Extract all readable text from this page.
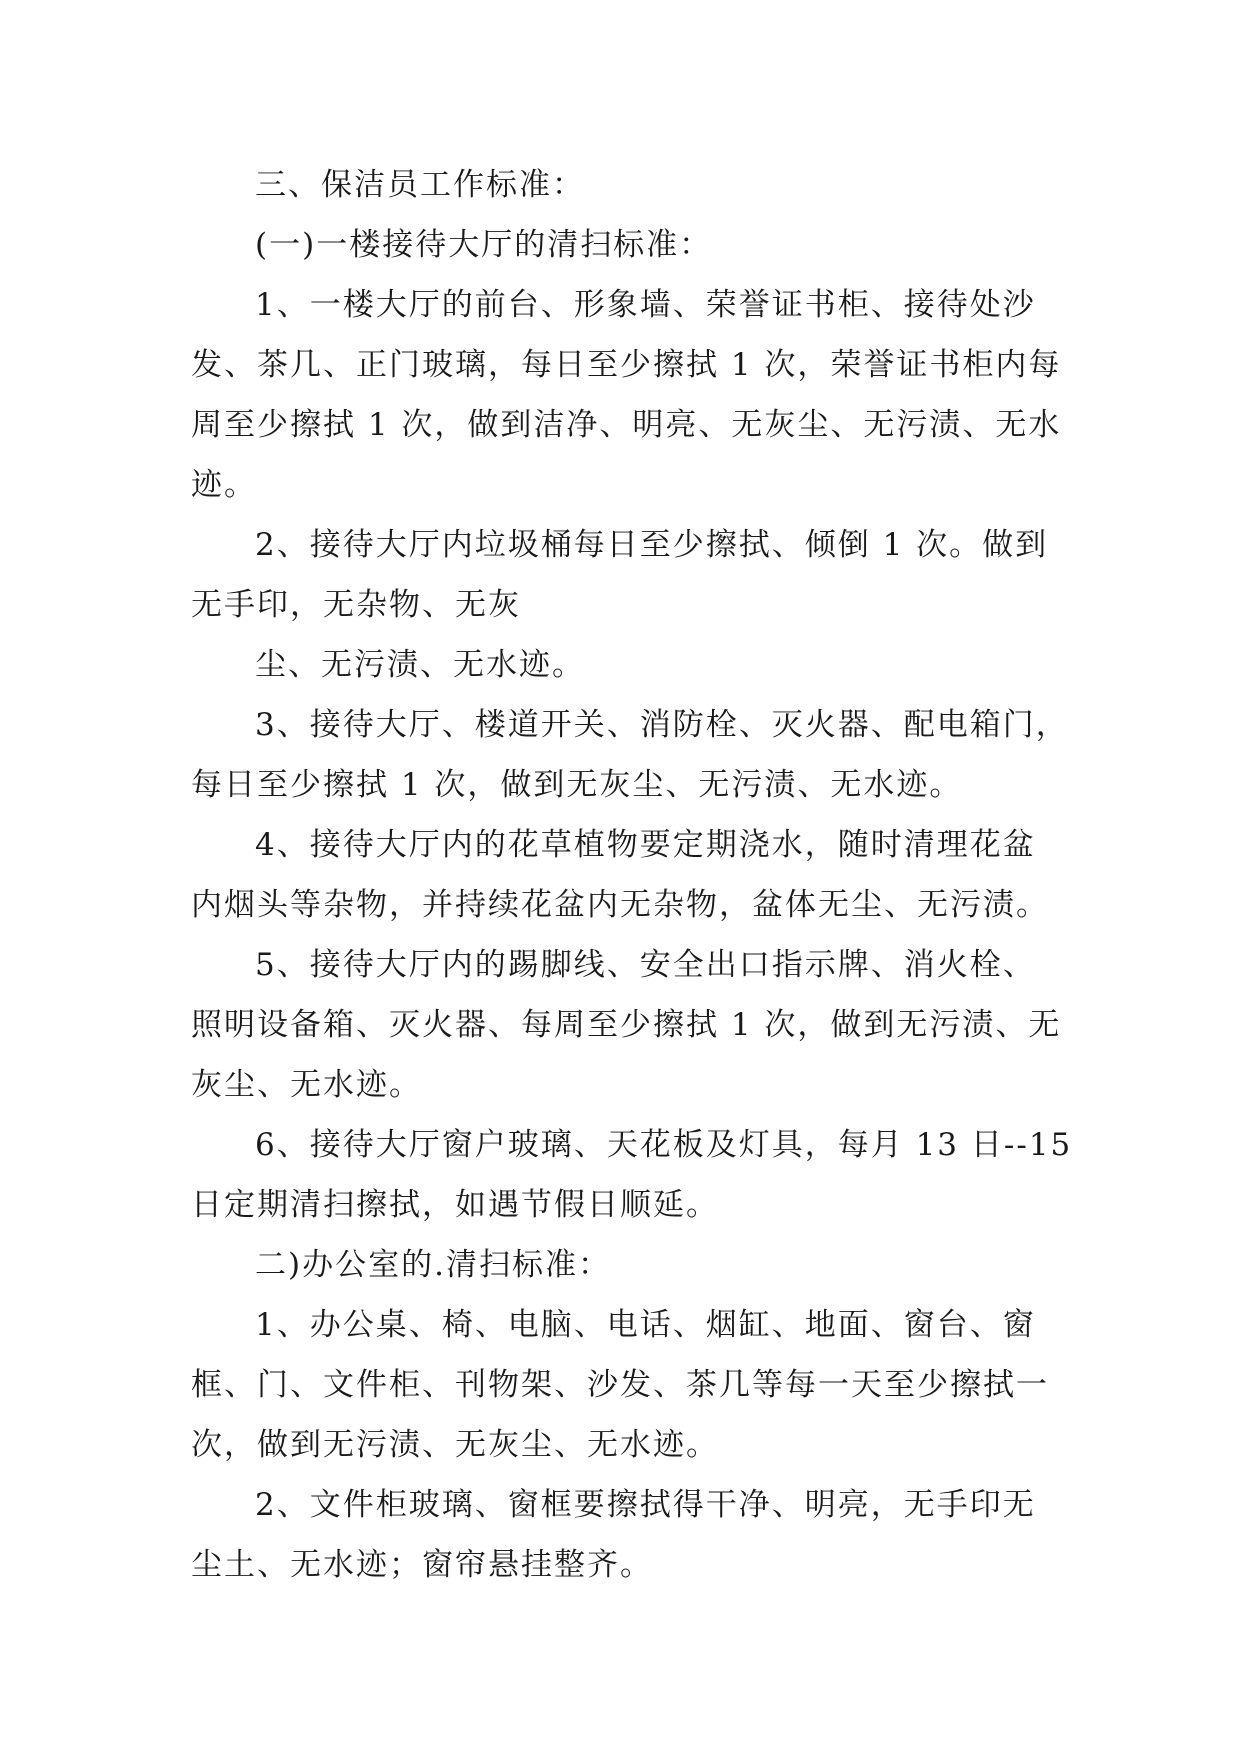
三、保洁员工作标准：
(一)一楼接待大厅的清扫标准：
1、一楼大厅的前台、形象墙、荣誉证书柜、接待处沙
发、茶几、正门玻璃，每日至少擦拭 1 次，荣誉证书柜内每
周至少擦拭 1 次，做到洁净、明亮、无灰尘、无污渍、无水
迹。
2、接待大厅内垃圾桶每日至少擦拭、倾倒 1 次。做到
无手印，无杂物、无灰
尘、无污渍、无水迹。
3、接待大厅、楼道开关、消防栓、灭火器、配电箱门，
每日至少擦拭 1 次，做到无灰尘、无污渍、无水迹。
4、接待大厅内的花草植物要定期浇水，随时清理花盆
内烟头等杂物，并持续花盆内无杂物，盆体无尘、无污渍。
5、接待大厅内的踢脚线、安全出口指示牌、消火栓、
照明设备箱、灭火器、每周至少擦拭 1 次，做到无污渍、无
灰尘、无水迹。
6、接待大厅窗户玻璃、天花板及灯具，每月 13 日--15
日定期清扫擦拭，如遇节假日顺延。
二)办公室的.清扫标准：
1、办公桌、椅、电脑、电话、烟缸、地面、窗台、窗
框、门、文件柜、刊物架、沙发、茶几等每一天至少擦拭一
次，做到无污渍、无灰尘、无水迹。
2、文件柜玻璃、窗框要擦拭得干净、明亮，无手印无
尘土、无水迹；窗帘悬挂整齐。
